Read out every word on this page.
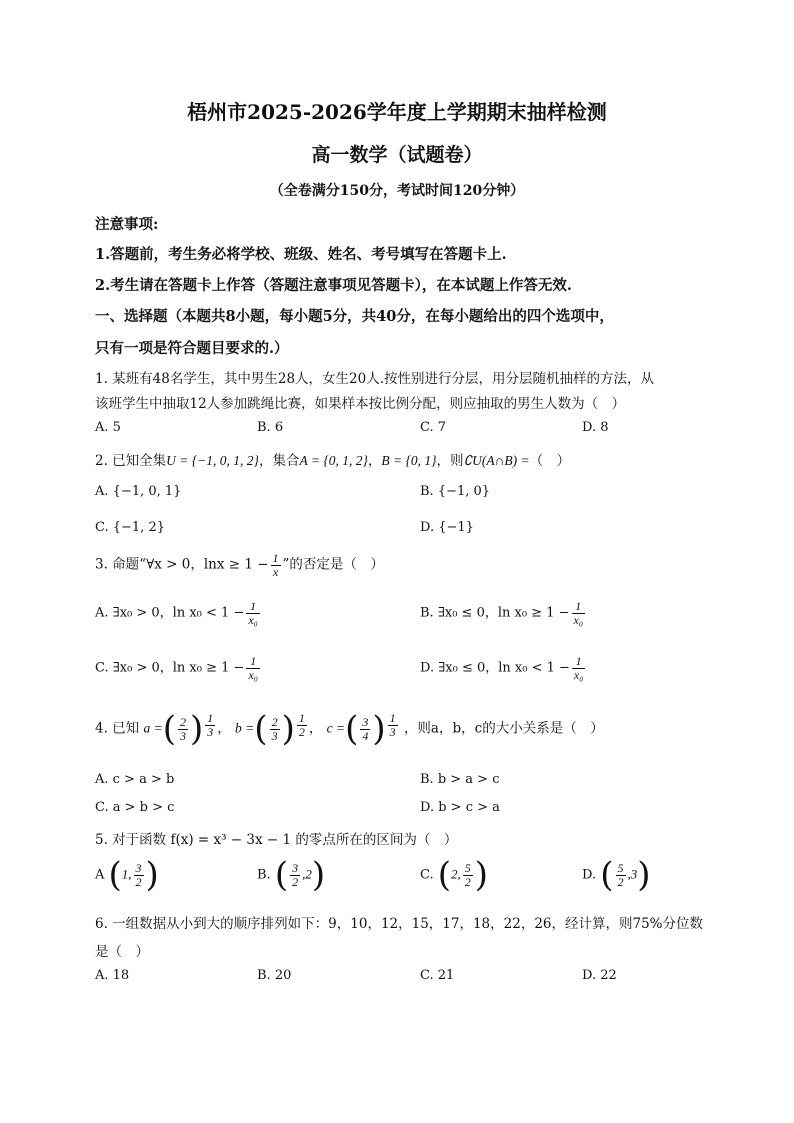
梧州市2025-2026学年度上学期期末抽样检测
高一数学（试题卷）
（全卷满分150分，考试时间120分钟）
注意事项:
1.答题前，考生务必将学校、班级、姓名、考号填写在答题卡上.
2.考生请在答题卡上作答（答题注意事项见答题卡），在本试题上作答无效.
一、选择题（本题共8小题，每小题5分，共40分，在每小题给出的四个选项中，
只有一项是符合题目要求的.）
1. 某班有48名学生，其中男生28人，女生20人.按性别进行分层，用分层随机抽样的方法，从
该班学生中抽取12人参加跳绳比赛，如果样本按比例分配，则应抽取的男生人数为（　）
A. 5	B. 6	C. 7	D. 8
2. 已知全集U = {−1, 0, 1, 2}，集合A = {0, 1, 2}，B = {0, 1}，则∁U(A∩B) =（　）
A. {−1, 0, 1}	B. {−1, 0}
C. {−1, 2}	D. {−1}
3. 命题“∀x > 0，$\ln x \ge 1 - \frac{1}{x}$ ”的否定是（　）
A. ∃x₀ > 0，$\ln x_0 < 1 - \frac{1}{\text{x₀}}$	B. ∃x₀ ≤ 0，$\ln x_0 \ge 1 - \frac{1}{\text{x₀}}$
C. ∃x₀ > 0，$\ln x_0 \ge 1 - \frac{1}{\text{x₀}}$	D. ∃x₀ ≤ 0，$\ln x_0 < 1 - \frac{1}{\text{x₀}}$
4. 已知 a =( $\frac{2}{3}$ ) $\frac{1}{3}$ ， b =( $\frac{2}{3}$ ) $\frac{1}{2}$ ， c =( $\frac{3}{4}$ ) $\frac{1}{3}$ ，则a，b，c的大小关系是（　）
A. c > a > b	B. b > a > c
C. a > b > c	D. b > c > a
5. 对于函数 f(x) = x³ − 3x − 1 的零点所在的区间为（　）
A (1, $\frac{3}{2}$ )	B. ( $\frac{3}{2} ,2$)	C. (2, $\frac{5}{2}$ )	D. ( $\frac{5}{2} ,3$)
6. 一组数据从小到大的顺序排列如下：9，10，12，15，17，18，22，26，经计算，则75%分位数
是（　）
A. 18	B. 20	C. 21	D. 22
